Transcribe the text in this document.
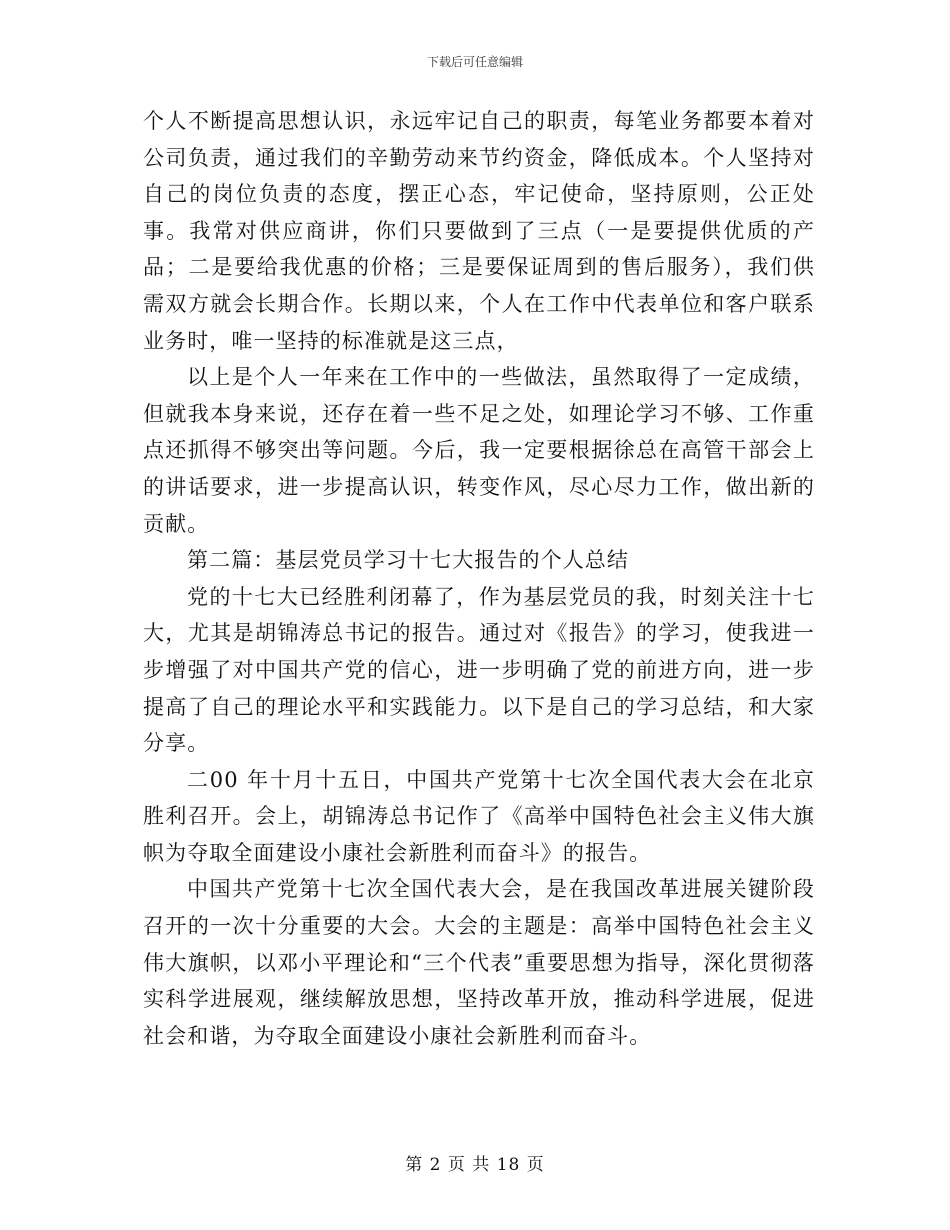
下载后可任意编辑

个人不断提高思想认识，永远牢记自己的职责，每笔业务都要本着对公司负责，通过我们的辛勤劳动来节约资金，降低成本。个人坚持对自己的岗位负责的态度，摆正心态，牢记使命，坚持原则，公正处事。我常对供应商讲，你们只要做到了三点（一是要提供优质的产品；二是要给我优惠的价格；三是要保证周到的售后服务），我们供需双方就会长期合作。长期以来，个人在工作中代表单位和客户联系业务时，唯一坚持的标准就是这三点，

以上是个人一年来在工作中的一些做法，虽然取得了一定成绩，但就我本身来说，还存在着一些不足之处，如理论学习不够、工作重点还抓得不够突出等问题。今后，我一定要根据徐总在高管干部会上的讲话要求，进一步提高认识，转变作风，尽心尽力工作，做出新的贡献。

第二篇：基层党员学习十七大报告的个人总结

党的十七大已经胜利闭幕了，作为基层党员的我，时刻关注十七大，尤其是胡锦涛总书记的报告。通过对《报告》的学习，使我进一步增强了对中国共产党的信心，进一步明确了党的前进方向，进一步提高了自己的理论水平和实践能力。以下是自己的学习总结，和大家分享。

二00 年十月十五日，中国共产党第十七次全国代表大会在北京胜利召开。会上，胡锦涛总书记作了《高举中国特色社会主义伟大旗帜为夺取全面建设小康社会新胜利而奋斗》的报告。

中国共产党第十七次全国代表大会，是在我国改革进展关键阶段召开的一次十分重要的大会。大会的主题是：高举中国特色社会主义伟大旗帜，以邓小平理论和“三个代表”重要思想为指导，深化贯彻落实科学进展观，继续解放思想，坚持改革开放，推动科学进展，促进社会和谐，为夺取全面建设小康社会新胜利而奋斗。

第 2 页 共 18 页
